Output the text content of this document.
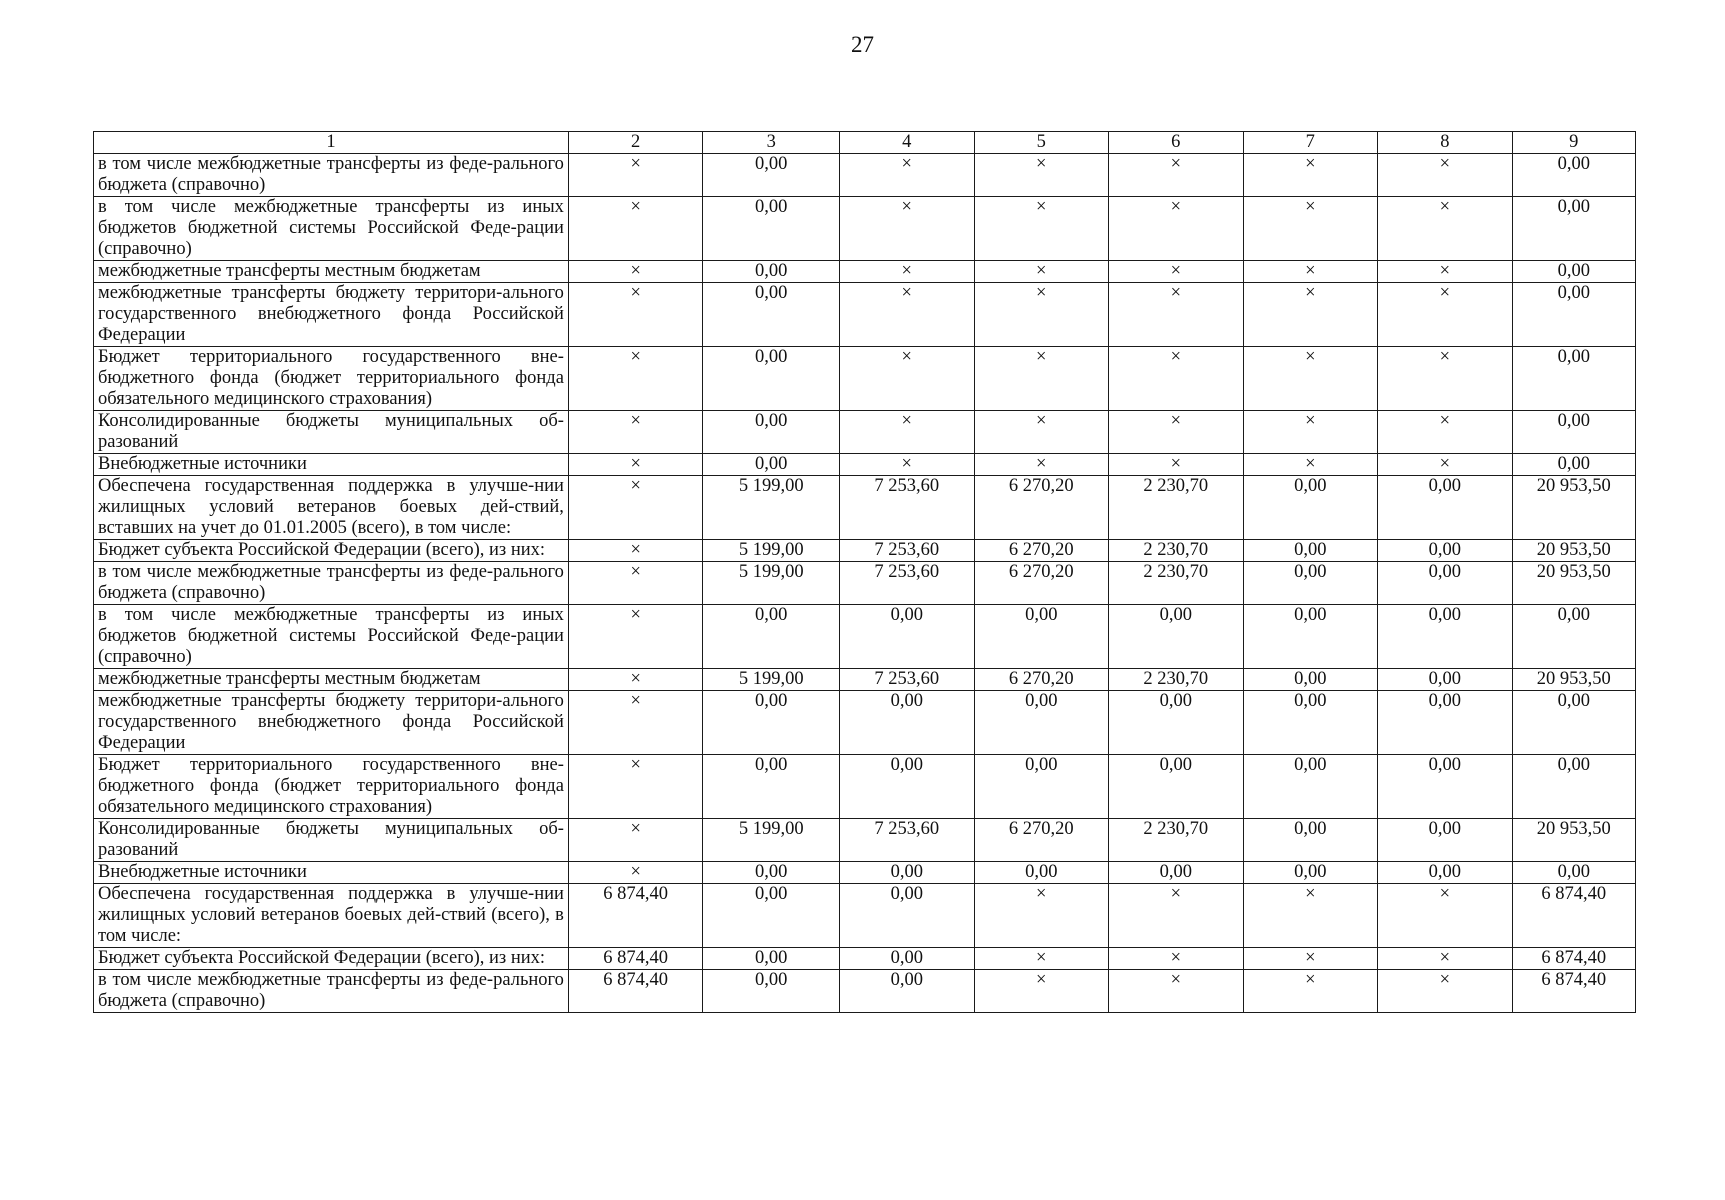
27
1	2	3	4	5	6	7	8	9
в том числе межбюджетные трансферты из феде-ральнoго бюджета (справочно)	×	0,00	×	×	×	×	×	0,00
в том числе межбюджетные трансферты из иных бюджетов бюджетной системы Российской Феде-рации (справочно)	×	0,00	×	×	×	×	×	0,00
межбюджетные трансферты местным бюджетам	×	0,00	×	×	×	×	×	0,00
межбюджетные трансферты бюджету территори-ального государственного внебюджетного фонда Российской Федерации	×	0,00	×	×	×	×	×	0,00
Бюджет территориального государственного вне-бюджетного фонда (бюджет территориального фонда обязательного медицинского страхования)	×	0,00	×	×	×	×	×	0,00
Консолидированные бюджеты муниципальных об-разований	×	0,00	×	×	×	×	×	0,00
Внебюджетные источники	×	0,00	×	×	×	×	×	0,00
Обеспечена государственная поддержка в улучше-нии жилищных условий ветеранов боевых дей-ствий, вставших на учет до 01.01.2005 (всего), в том числе:	×	5 199,00	7 253,60	6 270,20	2 230,70	0,00	0,00	20 953,50
Бюджет субъекта Российской Федерации (всего), из них:	×	5 199,00	7 253,60	6 270,20	2 230,70	0,00	0,00	20 953,50
в том числе межбюджетные трансферты из феде-рального бюджета (справочно)	×	5 199,00	7 253,60	6 270,20	2 230,70	0,00	0,00	20 953,50
в том числе межбюджетные трансферты из иных бюджетов бюджетной системы Российской Феде-рации (справочно)	×	0,00	0,00	0,00	0,00	0,00	0,00	0,00
межбюджетные трансферты местным бюджетам	×	5 199,00	7 253,60	6 270,20	2 230,70	0,00	0,00	20 953,50
межбюджетные трансферты бюджету территори-ального государственного внебюджетного фонда Российской Федерации	×	0,00	0,00	0,00	0,00	0,00	0,00	0,00
Бюджет территориального государственного вне-бюджетного фонда (бюджет территориального фонда обязательного медицинского страхования)	×	0,00	0,00	0,00	0,00	0,00	0,00	0,00
Консолидированные бюджеты муниципальных об-разований	×	5 199,00	7 253,60	6 270,20	2 230,70	0,00	0,00	20 953,50
Внебюджетные источники	×	0,00	0,00	0,00	0,00	0,00	0,00	0,00
Обеспечена государственная поддержка в улучше-нии жилищных условий ветеранов боевых дей-ствий (всего), в том числе:	6 874,40	0,00	0,00	×	×	×	×	6 874,40
Бюджет субъекта Российской Федерации (всего), из них:	6 874,40	0,00	0,00	×	×	×	×	6 874,40
в том числе межбюджетные трансферты из феде-рального бюджета (справочно)	6 874,40	0,00	0,00	×	×	×	×	6 874,40
